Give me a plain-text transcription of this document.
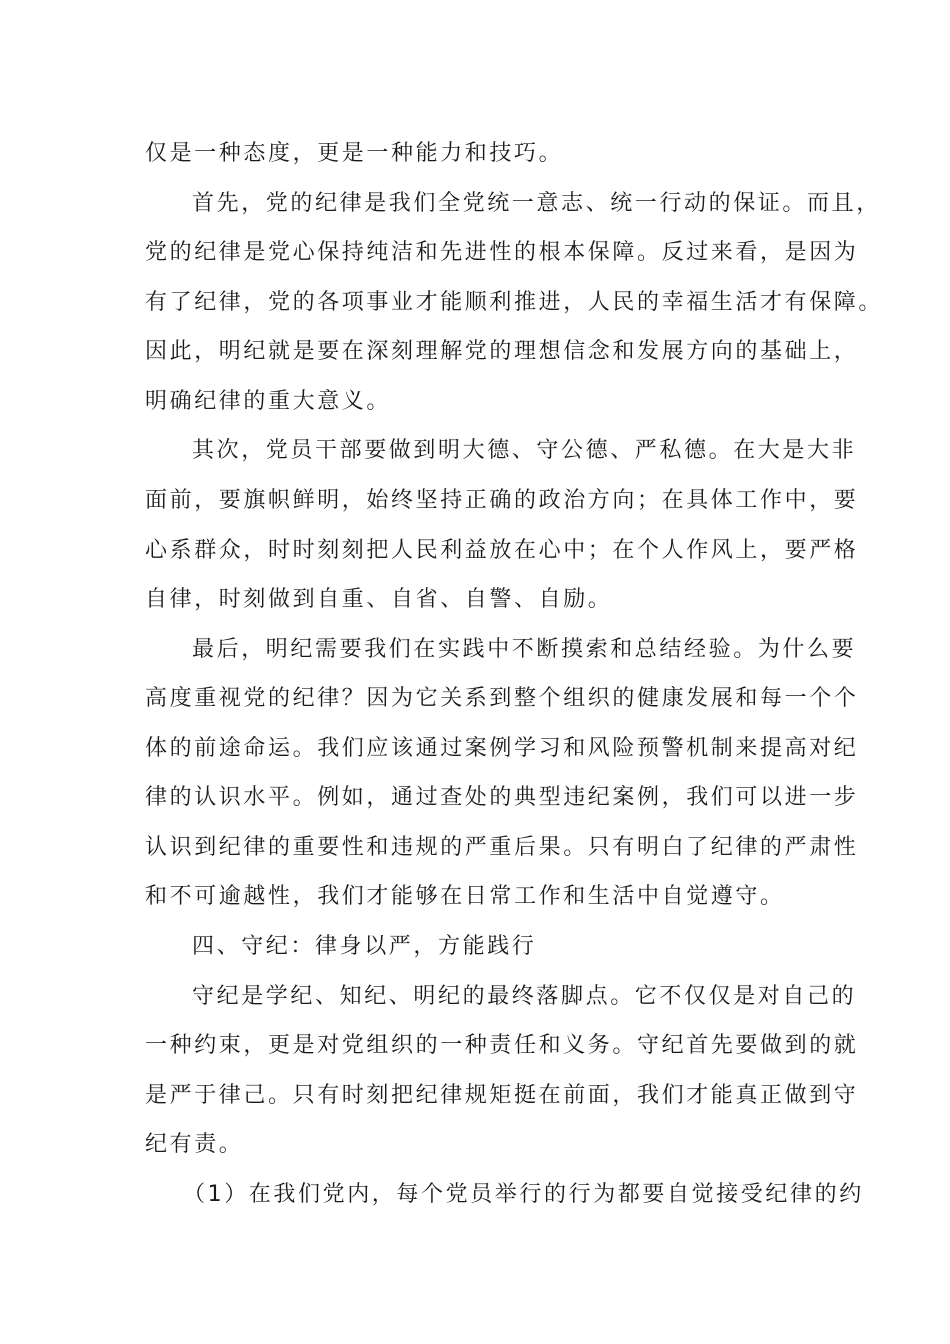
仅是一种态度，更是一种能力和技巧。
首先，党的纪律是我们全党统一意志、统一行动的保证。而且，
党的纪律是党心保持纯洁和先进性的根本保障。反过来看，是因为
有了纪律，党的各项事业才能顺利推进，人民的幸福生活才有保障。
因此，明纪就是要在深刻理解党的理想信念和发展方向的基础上，
明确纪律的重大意义。
其次，党员干部要做到明大德、守公德、严私德。在大是大非
面前，要旗帜鲜明，始终坚持正确的政治方向；在具体工作中，要
心系群众，时时刻刻把人民利益放在心中；在个人作风上，要严格
自律，时刻做到自重、自省、自警、自励。
最后，明纪需要我们在实践中不断摸索和总结经验。为什么要
高度重视党的纪律？因为它关系到整个组织的健康发展和每一个个
体的前途命运。我们应该通过案例学习和风险预警机制来提高对纪
律的认识水平。例如，通过查处的典型违纪案例，我们可以进一步
认识到纪律的重要性和违规的严重后果。只有明白了纪律的严肃性
和不可逾越性，我们才能够在日常工作和生活中自觉遵守。
四、守纪：律身以严，方能践行
守纪是学纪、知纪、明纪的最终落脚点。它不仅仅是对自己的
一种约束，更是对党组织的一种责任和义务。守纪首先要做到的就
是严于律己。只有时刻把纪律规矩挺在前面，我们才能真正做到守
纪有责。
（1）在我们党内，每个党员举行的行为都要自觉接受纪律的约
